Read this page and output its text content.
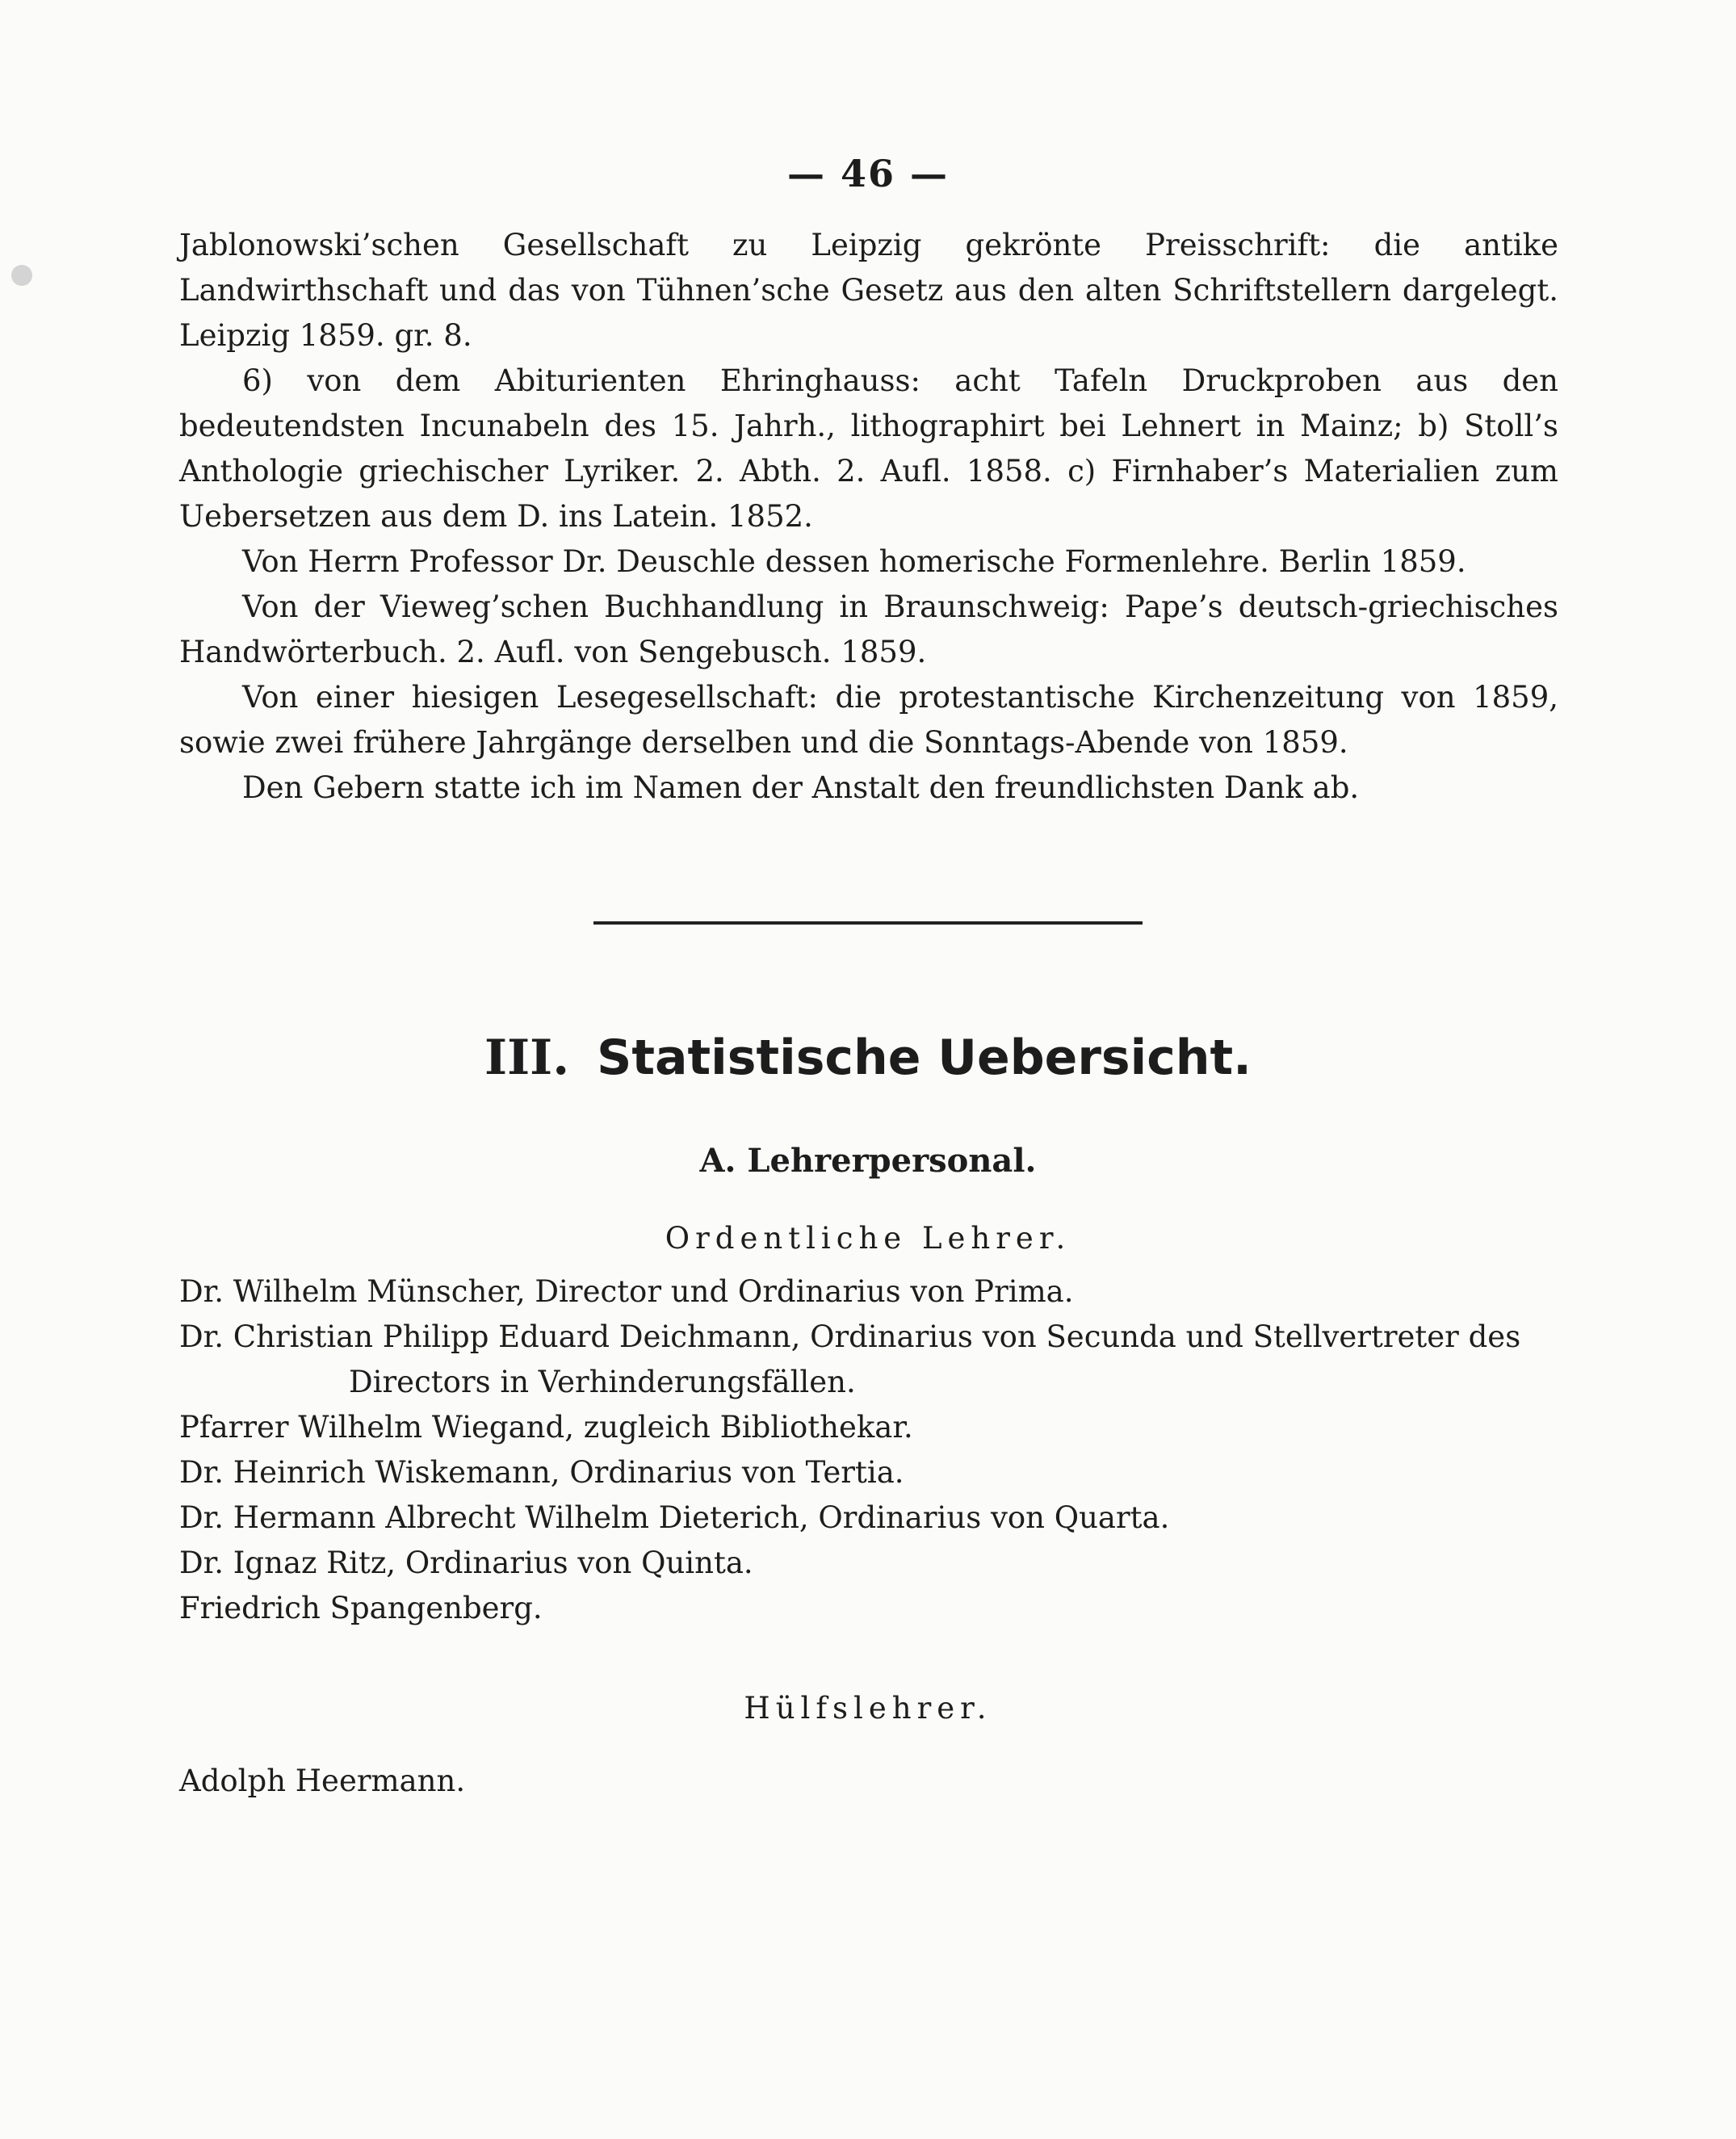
— 46 —

Jablonowski’schen Gesellschaft zu Leipzig gekrönte Preisschrift: die antike Landwirthschaft und das von Tühnen’sche Gesetz aus den alten Schriftstellern dargelegt. Leipzig 1859. gr. 8.

6) von dem Abiturienten Ehringhauss: acht Tafeln Druckproben aus den bedeutendsten Incunabeln des 15. Jahrh., lithographirt bei Lehnert in Mainz; b) Stoll’s Anthologie griechischer Lyriker. 2. Abth. 2. Aufl. 1858. c) Firnhaber’s Materialien zum Uebersetzen aus dem D. ins Latein. 1852.

Von Herrn Professor Dr. Deuschle dessen homerische Formenlehre. Berlin 1859.

Von der Vieweg’schen Buchhandlung in Braunschweig: Pape’s deutsch-griechisches Handwörterbuch. 2. Aufl. von Sengebusch. 1859.

Von einer hiesigen Lesegesellschaft: die protestantische Kirchenzeitung von 1859, sowie zwei frühere Jahrgänge derselben und die Sonntags-Abende von 1859.

Den Gebern statte ich im Namen der Anstalt den freundlichsten Dank ab.

III. Statistische Uebersicht.
A. Lehrerpersonal.
Ordentliche Lehrer.
Dr. Wilhelm Münscher, Director und Ordinarius von Prima.
Dr. Christian Philipp Eduard Deichmann, Ordinarius von Secunda und Stellvertreter des Directors in Verhinderungsfällen.
Pfarrer Wilhelm Wiegand, zugleich Bibliothekar.
Dr. Heinrich Wiskemann, Ordinarius von Tertia.
Dr. Hermann Albrecht Wilhelm Dieterich, Ordinarius von Quarta.
Dr. Ignaz Ritz, Ordinarius von Quinta.
Friedrich Spangenberg.
Hülfslehrer.
Adolph Heermann.
